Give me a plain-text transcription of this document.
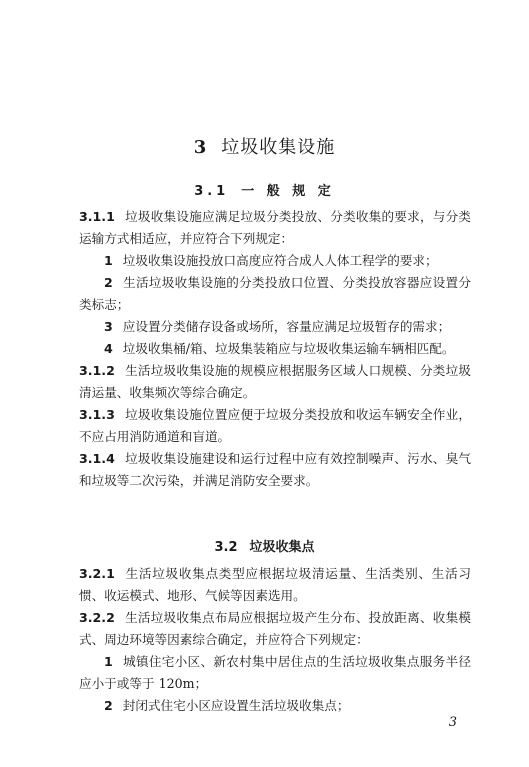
3 垃圾收集设施
3.1 一 般 规 定

3.1.1 垃圾收集设施应满足垃圾分类投放、分类收集的要求，与分类运输方式相适应，并应符合下列规定：

1 垃圾收集设施投放口高度应符合成人人体工程学的要求；

2 生活垃圾收集设施的分类投放口位置、分类投放容器应设置分类标志；

3 应设置分类储存设备或场所，容量应满足垃圾暂存的需求；

4 垃圾收集桶/箱、垃圾集装箱应与垃圾收集运输车辆相匹配。

3.1.2 生活垃圾收集设施的规模应根据服务区域人口规模、分类垃圾清运量、收集频次等综合确定。

3.1.3 垃圾收集设施位置应便于垃圾分类投放和收运车辆安全作业，不应占用消防通道和盲道。

3.1.4 垃圾收集设施建设和运行过程中应有效控制噪声、污水、臭气和垃圾等二次污染，并满足消防安全要求。

3.2 垃圾收集点

3.2.1 生活垃圾收集点类型应根据垃圾清运量、生活类别、生活习惯、收运模式、地形、气候等因素选用。

3.2.2 生活垃圾收集点布局应根据垃圾产生分布、投放距离、收集模式、周边环境等因素综合确定，并应符合下列规定：

1 城镇住宅小区、新农村集中居住点的生活垃圾收集点服务半径应小于或等于 120m；

2 封闭式住宅小区应设置生活垃圾收集点；

3
